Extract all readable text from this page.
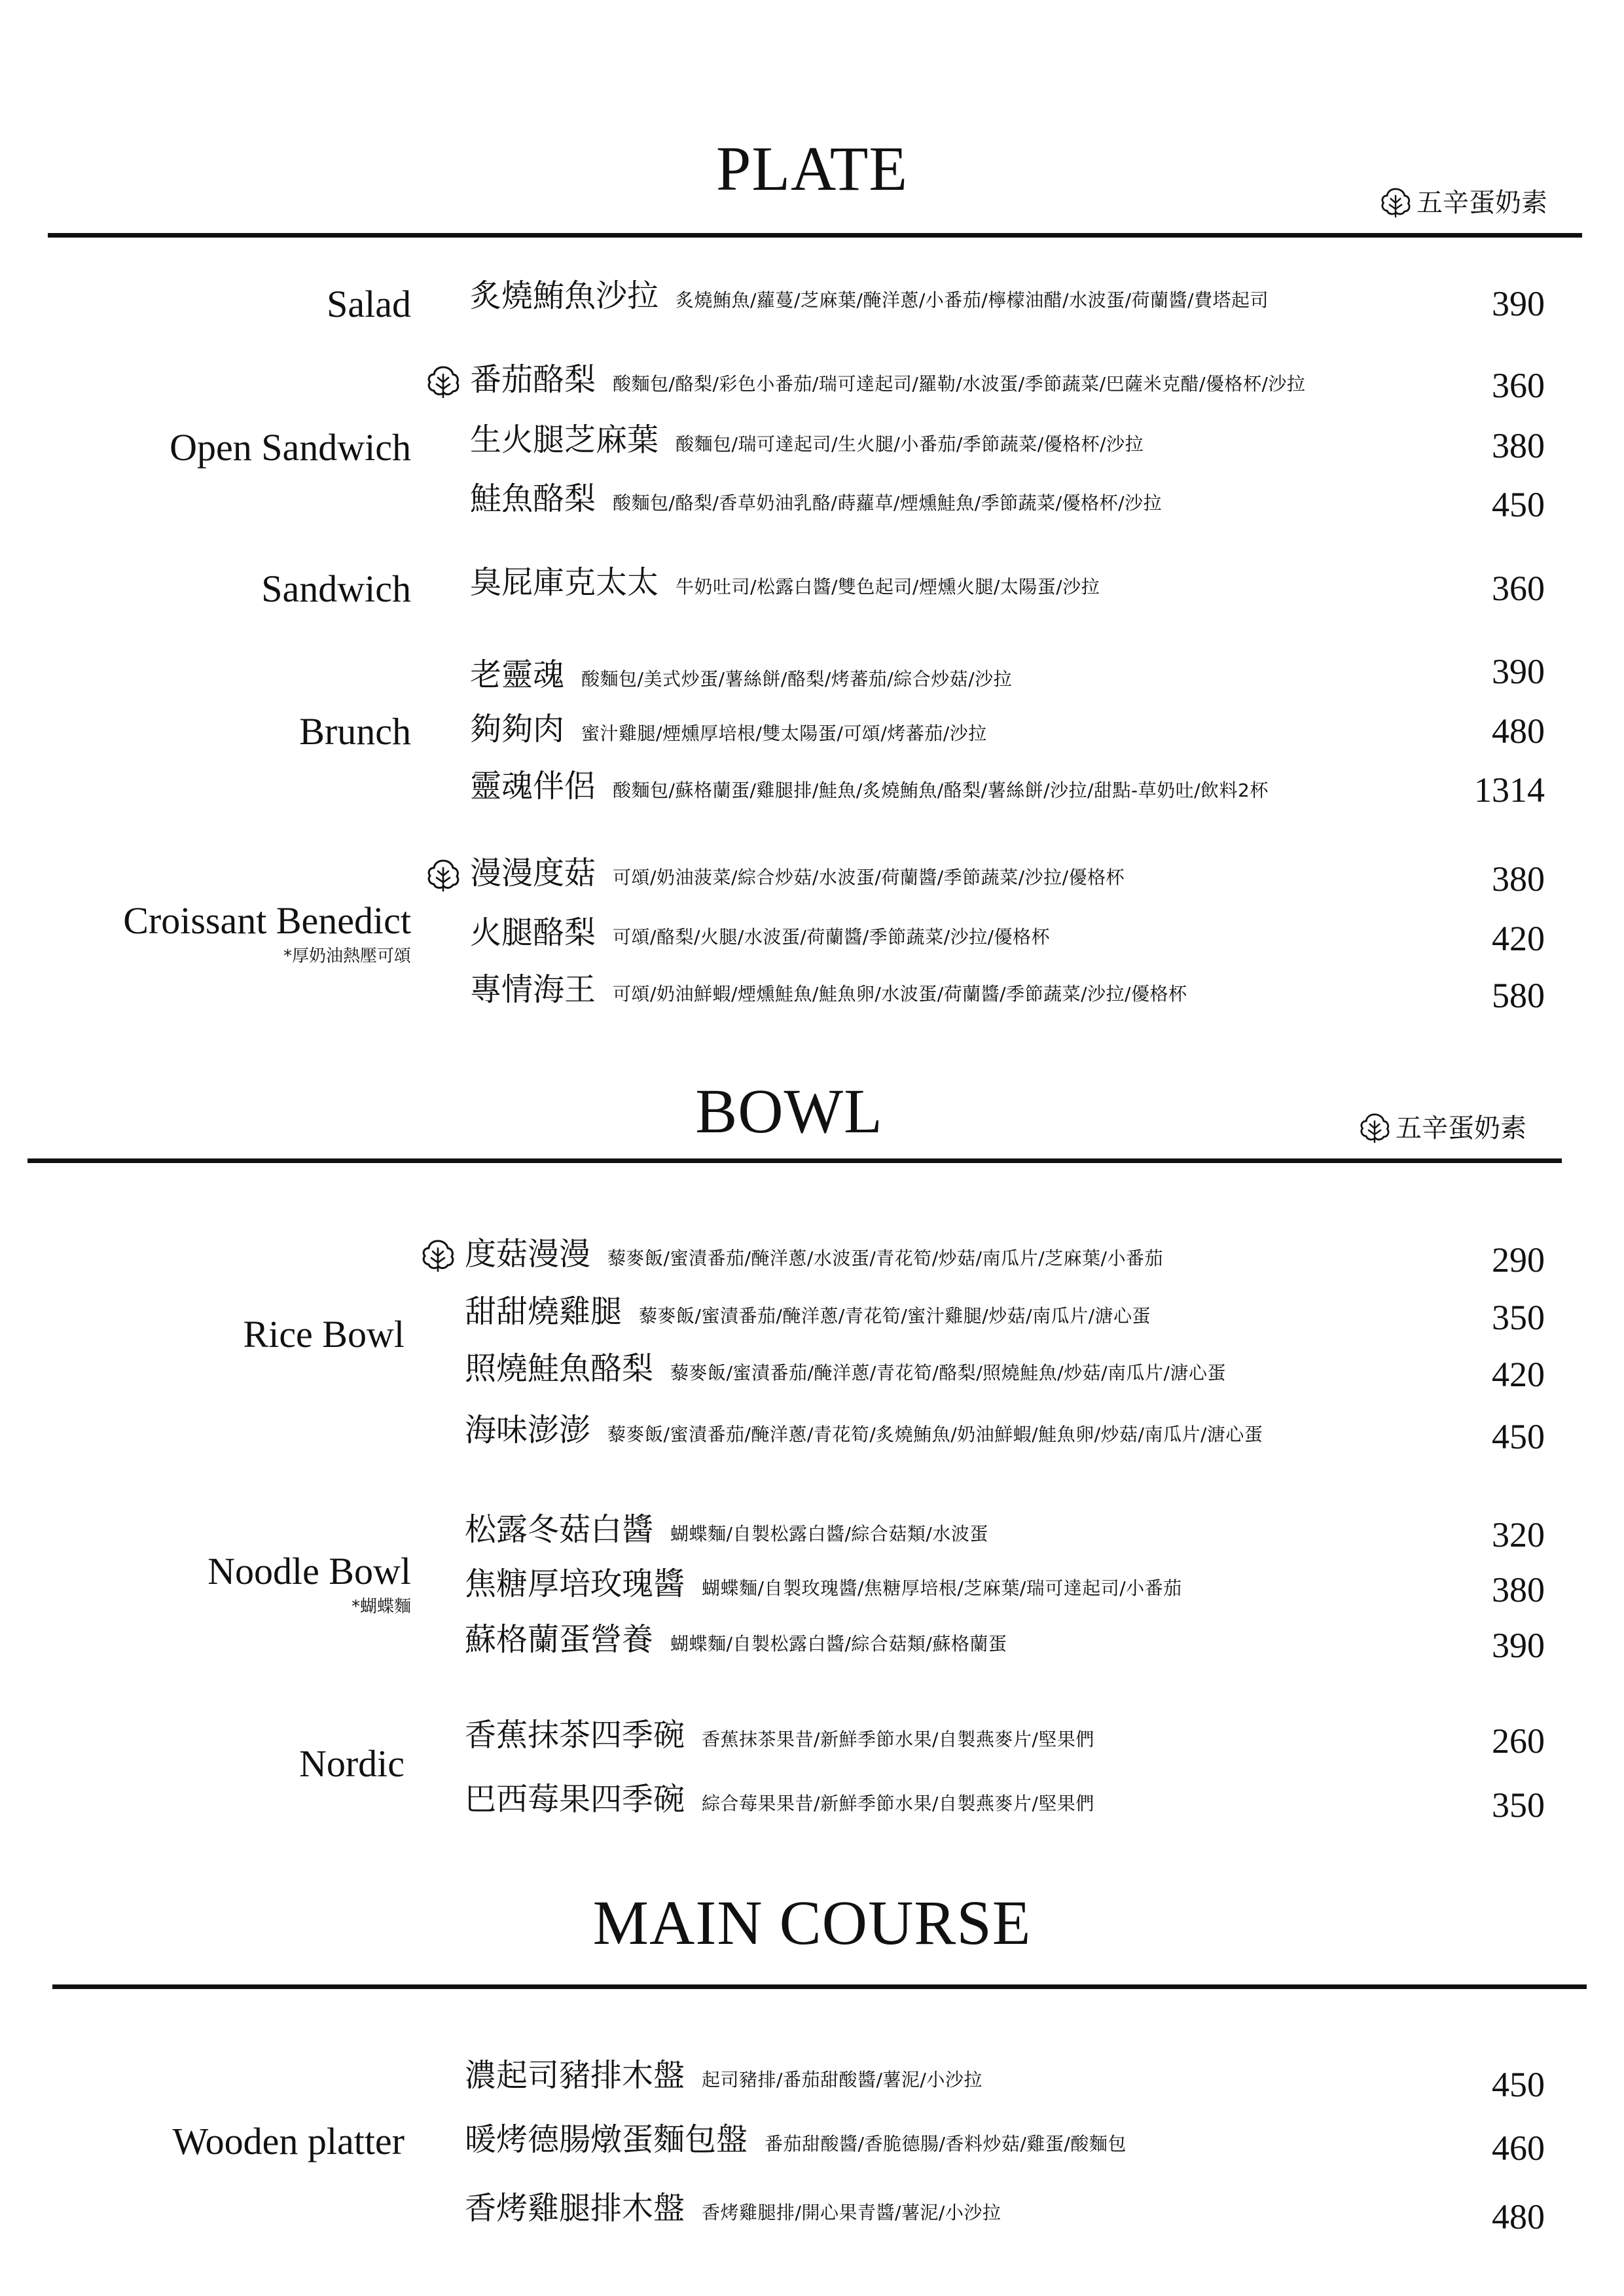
PLATE	五辛蛋奶素
Salad 炙燒鮪魚沙拉 炙燒鮪魚/蘿蔓/芝麻葉/醃洋蔥/小番茄/檸檬油醋/水波蛋/荷蘭醬/費塔起司	390
Open Sandwich
番茄酪梨 酸麵包/酪梨/彩色小番茄/瑞可達起司/羅勒/水波蛋/季節蔬菜/巴薩米克醋/優格杯/沙拉	360
生火腿芝麻葉 酸麵包/瑞可達起司/生火腿/小番茄/季節蔬菜/優格杯/沙拉	380
鮭魚酪梨 酸麵包/酪梨/香草奶油乳酪/蒔蘿草/煙燻鮭魚/季節蔬菜/優格杯/沙拉	450
Sandwich 臭屁庫克太太 牛奶吐司/松露白醬/雙色起司/煙燻火腿/太陽蛋/沙拉	360
Brunch
老靈魂 酸麵包/美式炒蛋/薯絲餅/酪梨/烤蕃茄/綜合炒菇/沙拉	390
夠夠肉 蜜汁雞腿/煙燻厚培根/雙太陽蛋/可頌/烤蕃茄/沙拉	480
靈魂伴侶 酸麵包/蘇格蘭蛋/雞腿排/鮭魚/炙燒鮪魚/酪梨/薯絲餅/沙拉/甜點-草奶吐/飲料2杯	1314
Croissant Benedict
*厚奶油熱壓可頌
漫漫度菇 可頌/奶油菠菜/綜合炒菇/水波蛋/荷蘭醬/季節蔬菜/沙拉/優格杯	380
火腿酪梨 可頌/酪梨/火腿/水波蛋/荷蘭醬/季節蔬菜/沙拉/優格杯	420
專情海王 可頌/奶油鮮蝦/煙燻鮭魚/鮭魚卵/水波蛋/荷蘭醬/季節蔬菜/沙拉/優格杯	580
BOWL	五辛蛋奶素
Rice Bowl
度菇漫漫 藜麥飯/蜜漬番茄/醃洋蔥/水波蛋/青花筍/炒菇/南瓜片/芝麻葉/小番茄	290
甜甜燒雞腿 藜麥飯/蜜漬番茄/醃洋蔥/青花筍/蜜汁雞腿/炒菇/南瓜片/溏心蛋	350
照燒鮭魚酪梨 藜麥飯/蜜漬番茄/醃洋蔥/青花筍/酪梨/照燒鮭魚/炒菇/南瓜片/溏心蛋	420
海味澎澎 藜麥飯/蜜漬番茄/醃洋蔥/青花筍/炙燒鮪魚/奶油鮮蝦/鮭魚卵/炒菇/南瓜片/溏心蛋	450
Noodle Bowl
*蝴蝶麵
松露冬菇白醬 蝴蝶麵/自製松露白醬/綜合菇類/水波蛋	320
焦糖厚培玫瑰醬 蝴蝶麵/自製玫瑰醬/焦糖厚培根/芝麻葉/瑞可達起司/小番茄	380
蘇格蘭蛋營養 蝴蝶麵/自製松露白醬/綜合菇類/蘇格蘭蛋	390
Nordic
香蕉抹茶四季碗 香蕉抹茶果昔/新鮮季節水果/自製燕麥片/堅果們	260
巴西莓果四季碗 綜合莓果果昔/新鮮季節水果/自製燕麥片/堅果們	350
MAIN COURSE
Wooden platter
濃起司豬排木盤 起司豬排/番茄甜酸醬/薯泥/小沙拉	450
暖烤德腸燉蛋麵包盤 番茄甜酸醬/香脆德腸/香料炒菇/雞蛋/酸麵包	460
香烤雞腿排木盤 香烤雞腿排/開心果青醬/薯泥/小沙拉	480
